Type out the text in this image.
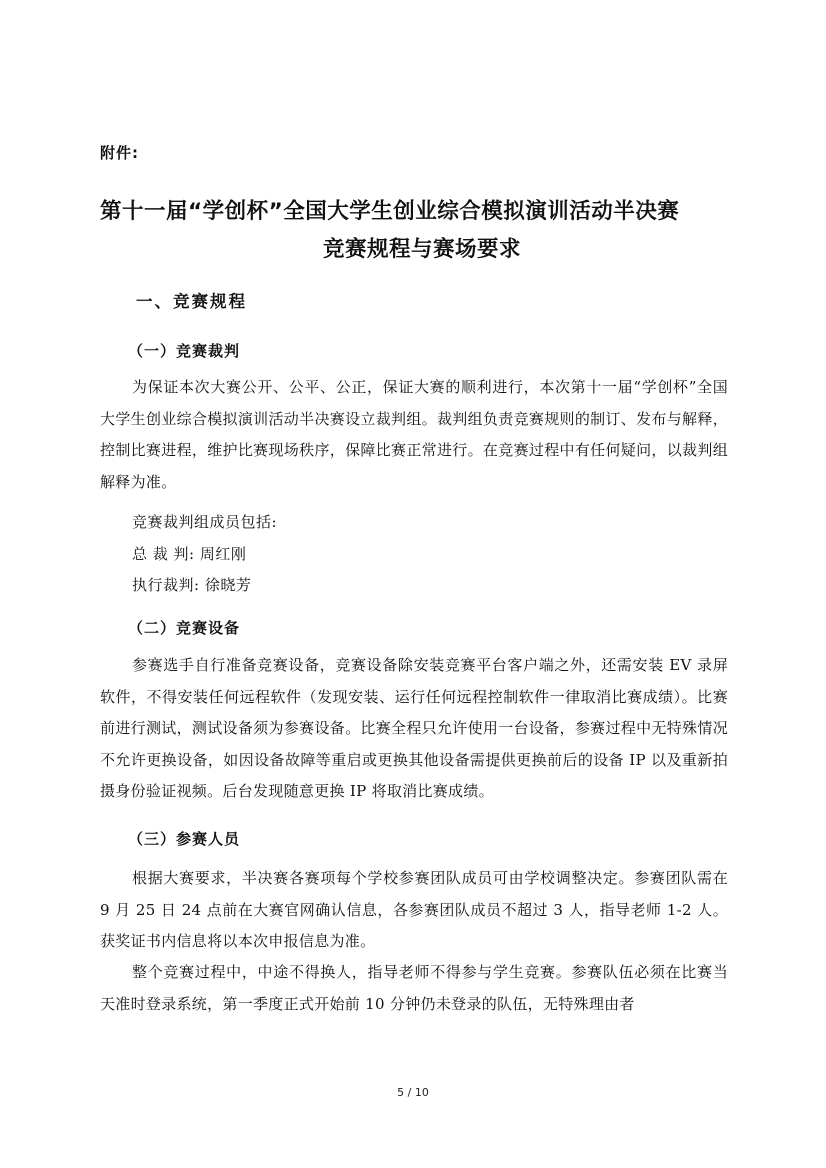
附件:
第十一届“学创杯”全国大学生创业综合模拟演训活动半决赛
竞赛规程与赛场要求
一、竞赛规程
（一）竞赛裁判
为保证本次大赛公开、公平、公正，保证大赛的顺利进行，本次第十一届“学创杯”全国大学生创业综合模拟演训活动半决赛设立裁判组。裁判组负责竞赛规则的制订、发布与解释，控制比赛进程，维护比赛现场秩序，保障比赛正常进行。在竞赛过程中有任何疑问，以裁判组解释为准。
竞赛裁判组成员包括:
总 裁 判: 周红刚
执行裁判: 徐晓芳
（二）竞赛设备
参赛选手自行准备竞赛设备，竞赛设备除安装竞赛平台客户端之外，还需安装 EV 录屏软件，不得安装任何远程软件（发现安装、运行任何远程控制软件一律取消比赛成绩）。比赛前进行测试，测试设备须为参赛设备。比赛全程只允许使用一台设备，参赛过程中无特殊情况不允许更换设备，如因设备故障等重启或更换其他设备需提供更换前后的设备 IP 以及重新拍摄身份验证视频。后台发现随意更换 IP 将取消比赛成绩。
（三）参赛人员
根据大赛要求，半决赛各赛项每个学校参赛团队成员可由学校调整决定。参赛团队需在 9 月 25 日 24 点前在大赛官网确认信息，各参赛团队成员不超过 3 人，指导老师 1-2 人。获奖证书内信息将以本次申报信息为准。
整个竞赛过程中，中途不得换人，指导老师不得参与学生竞赛。参赛队伍必须在比赛当天准时登录系统，第一季度正式开始前 10 分钟仍未登录的队伍，无特殊理由者
5 / 10
